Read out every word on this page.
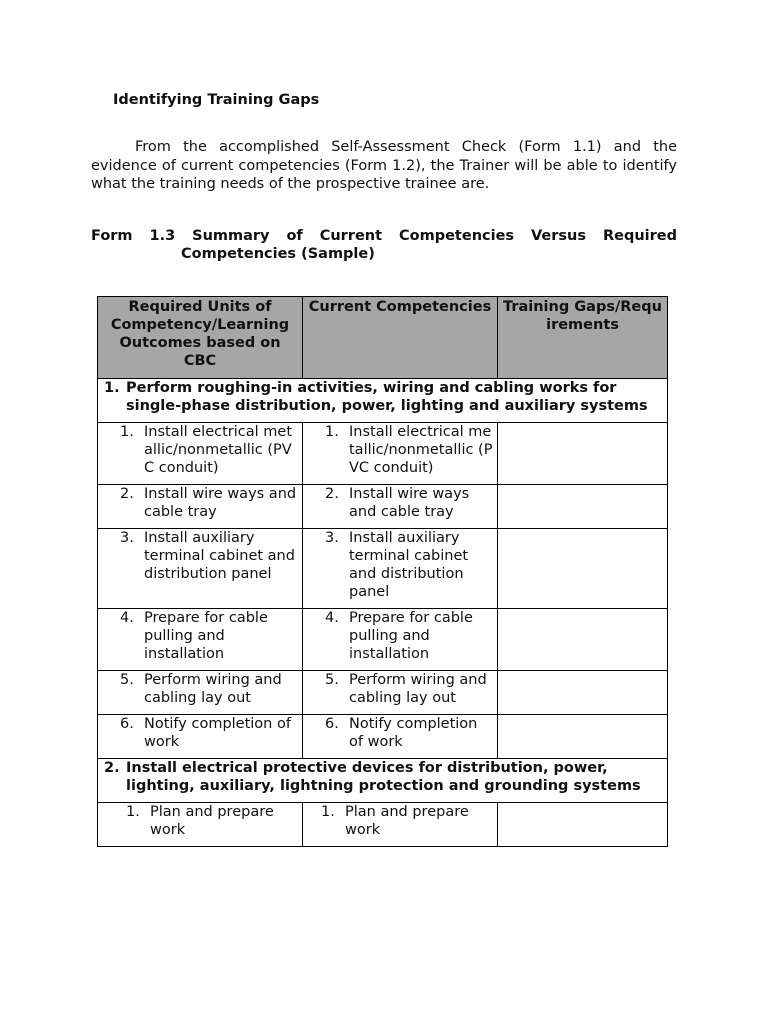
Identifying Training Gaps

From the accomplished Self-Assessment Check (Form 1.1) and the evidence of current competencies (Form 1.2), the Trainer will be able to identify what the training needs of the prospective trainee are.

Form 1.3 Summary of Current Competencies Versus Required Competencies (Sample)

Required Units of Competency/Learning Outcomes based on CBC	Current Competencies	Training Gaps/Requirements

1. Perform roughing-in activities, wiring and cabling works for single-phase distribution, power, lighting and auxiliary systems		

1. Install electrical metallic/nonmetallic (PVC conduit)	1. Install electrical metallic/nonmetallic (PVC conduit)	

2. Install wire ways and cable tray	2. Install wire ways and cable tray	

3. Install auxiliary terminal cabinet and distribution panel	3. Install auxiliary terminal cabinet and distribution panel	

4. Prepare for cable pulling and installation	4. Prepare for cable pulling and installation	

5. Perform wiring and cabling lay out	5. Perform wiring and cabling lay out	

6. Notify completion of work	6. Notify completion of work	

2. Install electrical protective devices for distribution, power, lighting, auxiliary, lightning protection and grounding systems		

1. Plan and prepare work	1. Plan and prepare work	
